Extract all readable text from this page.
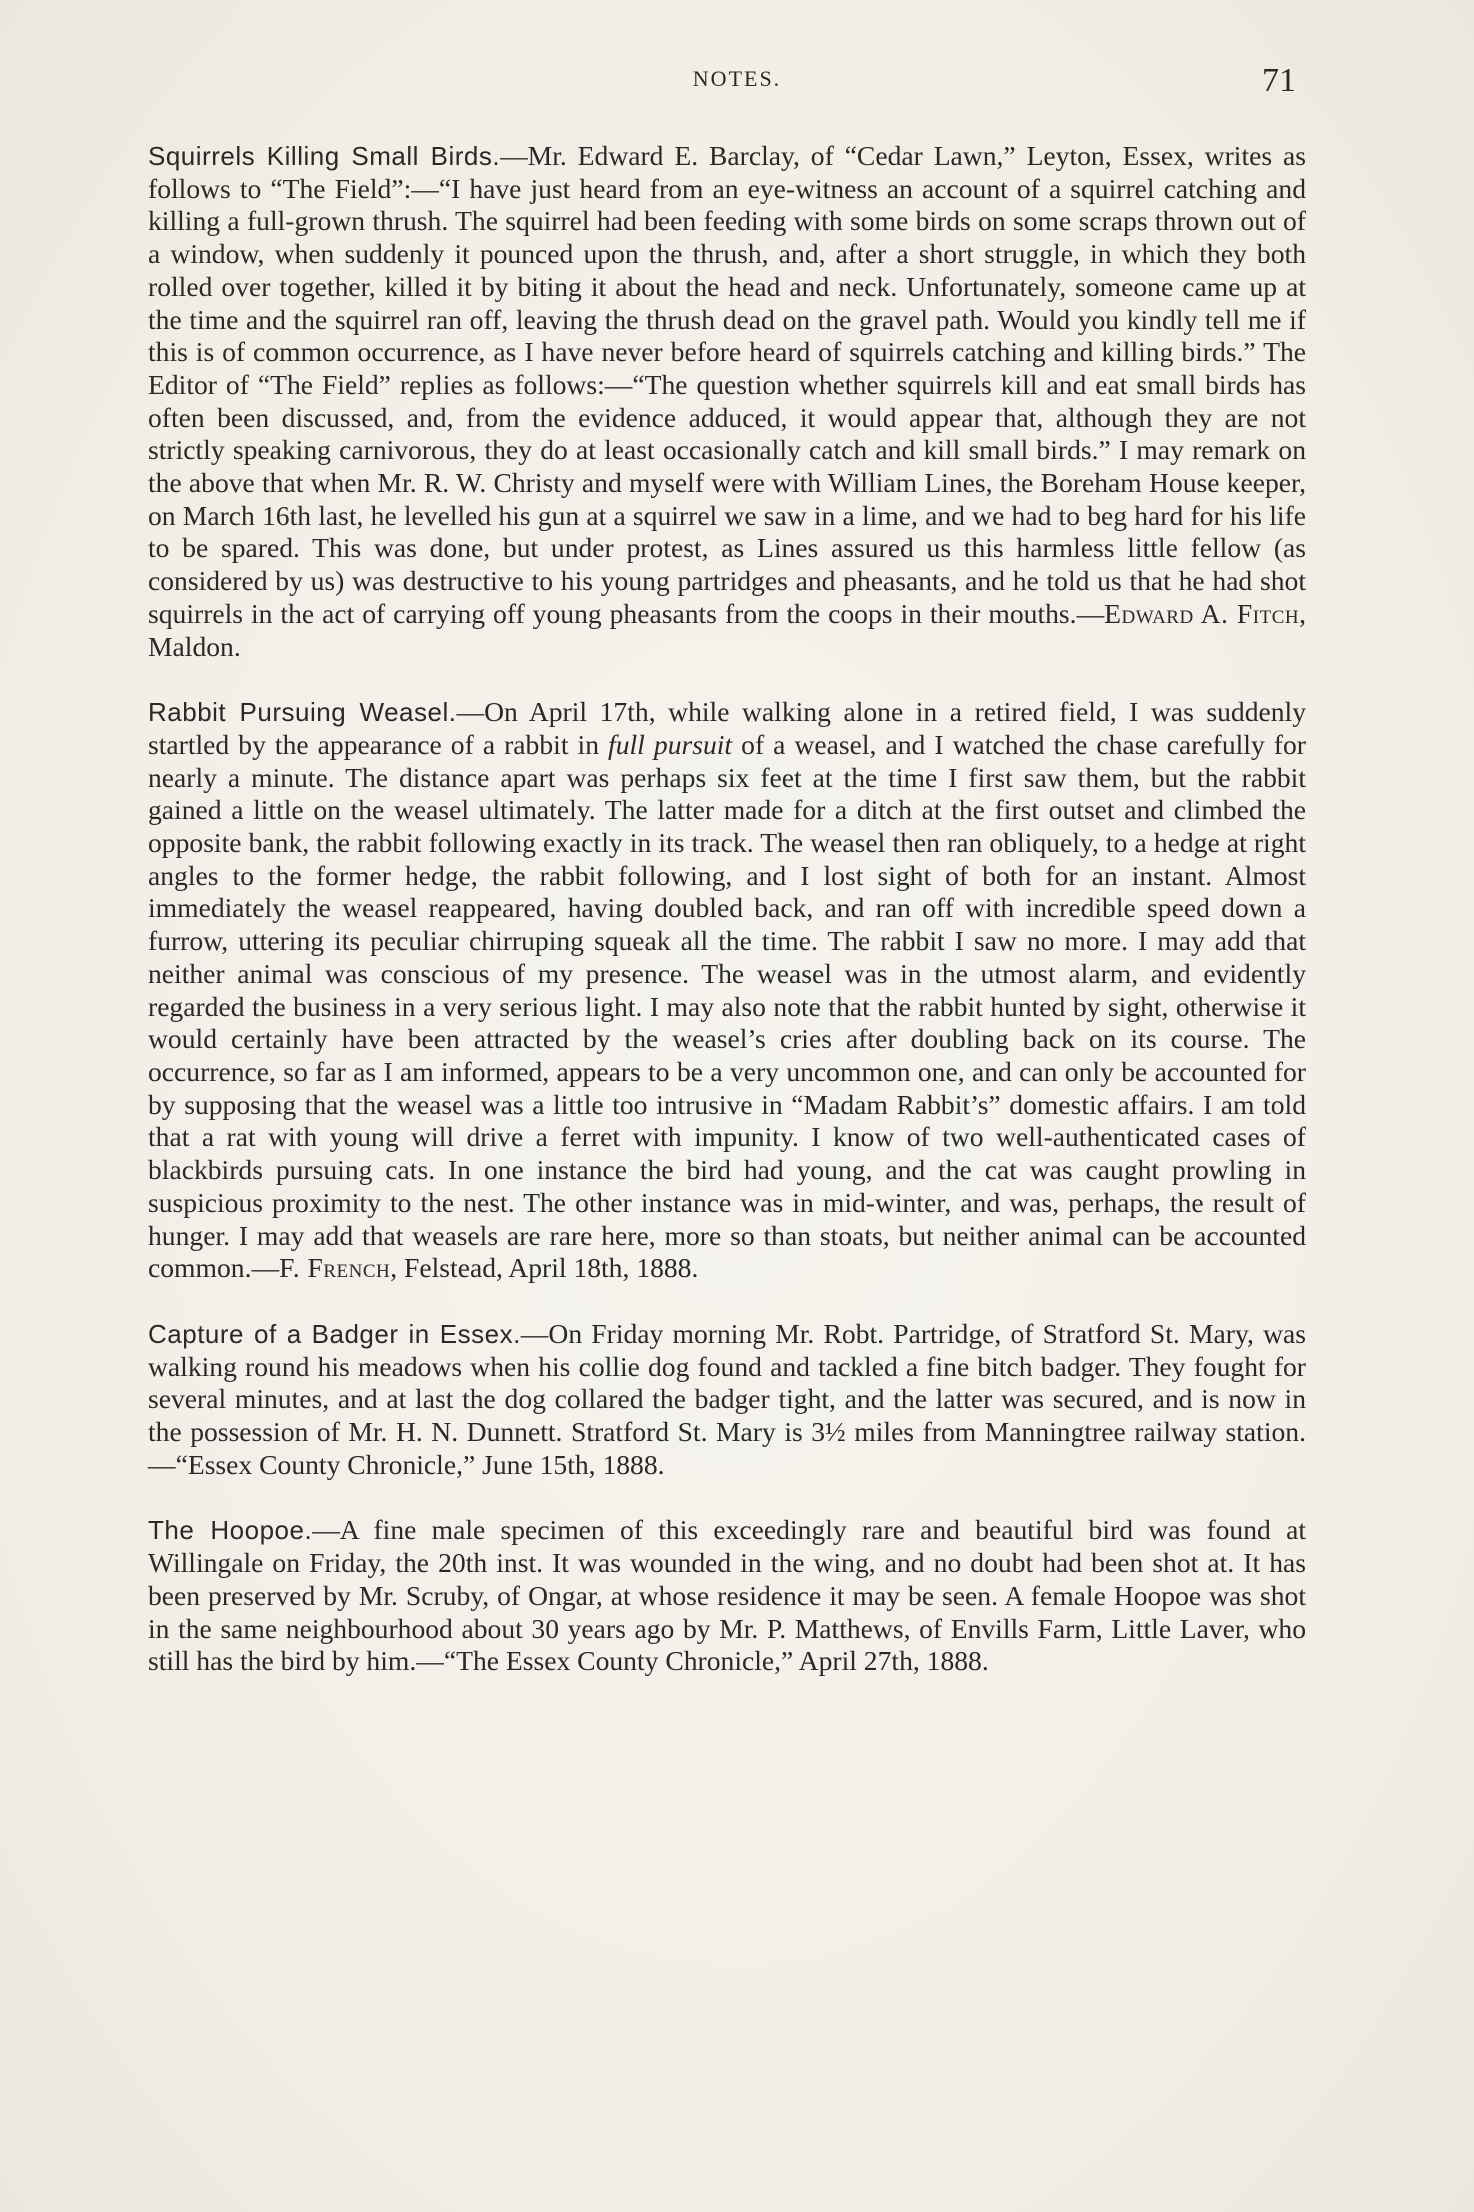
NOTES.	71

Squirrels Killing Small Birds.—Mr. Edward E. Barclay, of “Cedar Lawn,” Leyton, Essex, writes as follows to “The Field”:—“I have just heard from an eye-witness an account of a squirrel catching and killing a full-grown thrush. The squirrel had been feeding with some birds on some scraps thrown out of a window, when suddenly it pounced upon the thrush, and, after a short struggle, in which they both rolled over together, killed it by biting it about the head and neck. Unfortunately, someone came up at the time and the squirrel ran off, leaving the thrush dead on the gravel path. Would you kindly tell me if this is of common occurrence, as I have never before heard of squirrels catching and killing birds.” The Editor of “The Field” replies as follows:—“The question whether squirrels kill and eat small birds has often been discussed, and, from the evidence adduced, it would appear that, although they are not strictly speaking carnivorous, they do at least occasionally catch and kill small birds.” I may remark on the above that when Mr. R. W. Christy and myself were with William Lines, the Boreham House keeper, on March 16th last, he levelled his gun at a squirrel we saw in a lime, and we had to beg hard for his life to be spared. This was done, but under protest, as Lines assured us this harmless little fellow (as considered by us) was destructive to his young partridges and pheasants, and he told us that he had shot squirrels in the act of carrying off young pheasants from the coops in their mouths.—Edward A. Fitch, Maldon.

Rabbit Pursuing Weasel.—On April 17th, while walking alone in a retired field, I was suddenly startled by the appearance of a rabbit in full pursuit of a weasel, and I watched the chase carefully for nearly a minute. The distance apart was perhaps six feet at the time I first saw them, but the rabbit gained a little on the weasel ultimately. The latter made for a ditch at the first outset and climbed the opposite bank, the rabbit following exactly in its track. The weasel then ran obliquely, to a hedge at right angles to the former hedge, the rabbit following, and I lost sight of both for an instant. Almost immediately the weasel reappeared, having doubled back, and ran off with incredible speed down a furrow, uttering its peculiar chirruping squeak all the time. The rabbit I saw no more. I may add that neither animal was conscious of my presence. The weasel was in the utmost alarm, and evidently regarded the business in a very serious light. I may also note that the rabbit hunted by sight, otherwise it would certainly have been attracted by the weasel’s cries after doubling back on its course. The occurrence, so far as I am informed, appears to be a very uncommon one, and can only be accounted for by supposing that the weasel was a little too intrusive in “Madam Rabbit’s” domestic affairs. I am told that a rat with young will drive a ferret with impunity. I know of two well-authenticated cases of blackbirds pursuing cats. In one instance the bird had young, and the cat was caught prowling in suspicious proximity to the nest. The other instance was in mid-winter, and was, perhaps, the result of hunger. I may add that weasels are rare here, more so than stoats, but neither animal can be accounted common.—F. French, Felstead, April 18th, 1888.

Capture of a Badger in Essex.—On Friday morning Mr. Robt. Partridge, of Stratford St. Mary, was walking round his meadows when his collie dog found and tackled a fine bitch badger. They fought for several minutes, and at last the dog collared the badger tight, and the latter was secured, and is now in the possession of Mr. H. N. Dunnett. Stratford St. Mary is 3½ miles from Manningtree railway station.—“Essex County Chronicle,” June 15th, 1888.

The Hoopoe.—A fine male specimen of this exceedingly rare and beautiful bird was found at Willingale on Friday, the 20th inst. It was wounded in the wing, and no doubt had been shot at. It has been preserved by Mr. Scruby, of Ongar, at whose residence it may be seen. A female Hoopoe was shot in the same neighbourhood about 30 years ago by Mr. P. Matthews, of Envills Farm, Little Laver, who still has the bird by him.—“The Essex County Chronicle,” April 27th, 1888.
